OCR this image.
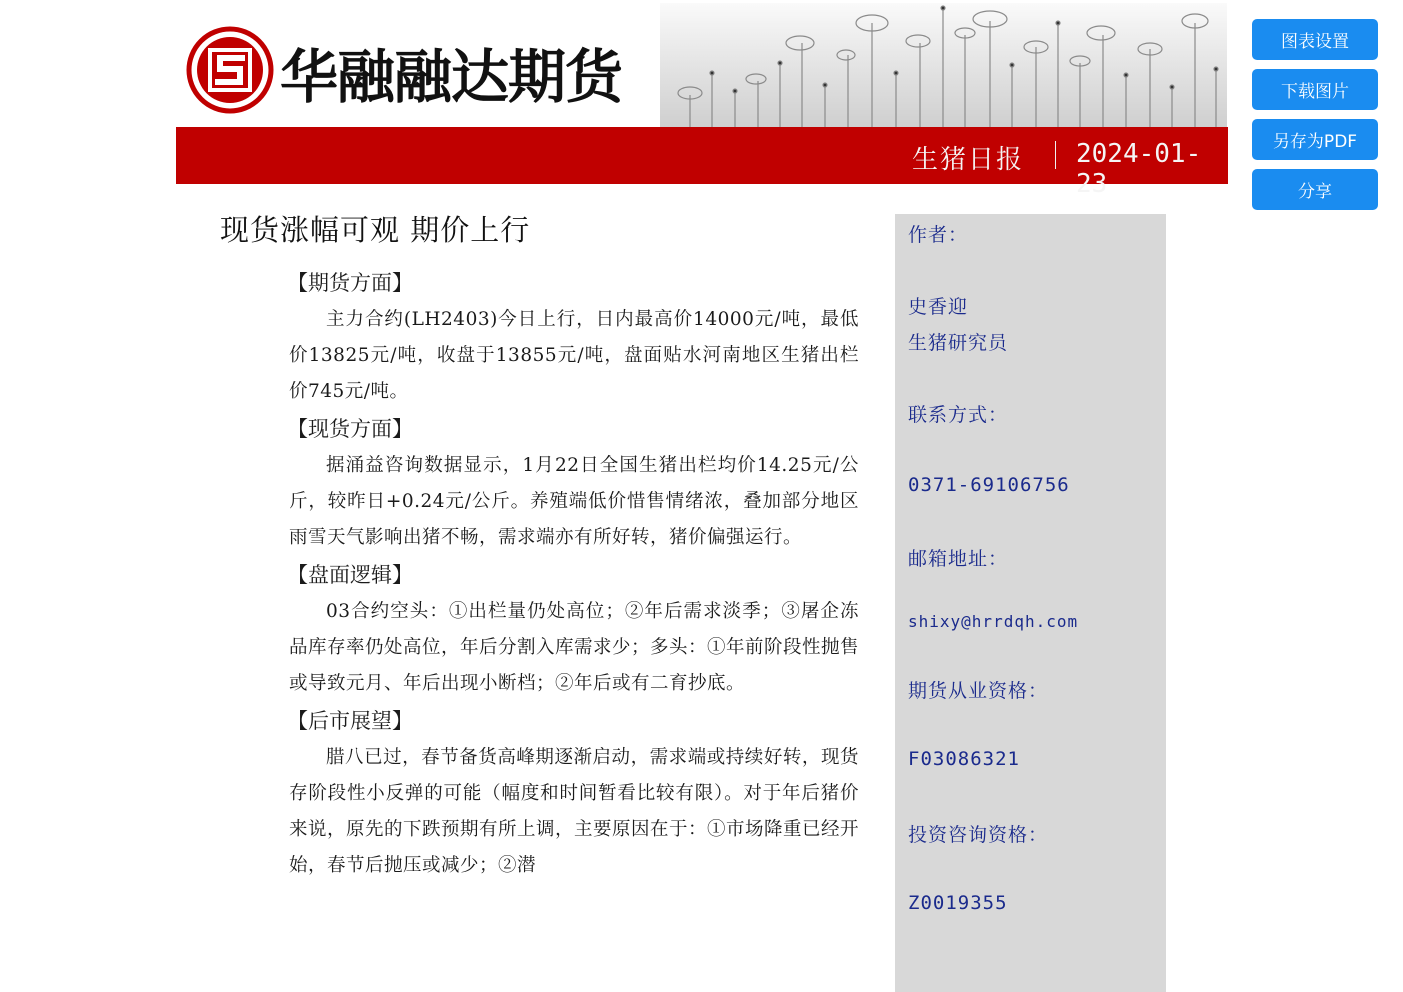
华融融达期货
生猪日报 2024-01-23
图表设置
下载图片
另存为PDF
分享
现货涨幅可观 期价上行
【期货方面】

主力合约(LH2403)今日上行，日内最高价14000元/吨，最低价13825元/吨，收盘于13855元/吨，盘面贴水河南地区生猪出栏价745元/吨。

【现货方面】

据涌益咨询数据显示，1月22日全国生猪出栏均价14.25元/公斤，较昨日+0.24元/公斤。养殖端低价惜售情绪浓，叠加部分地区雨雪天气影响出猪不畅，需求端亦有所好转，猪价偏强运行。

【盘面逻辑】

03合约空头：①出栏量仍处高位；②年后需求淡季；③屠企冻品库存率仍处高位，年后分割入库需求少；多头：①年前阶段性抛售或导致元月、年后出现小断档；②年后或有二育抄底。

【后市展望】

腊八已过，春节备货高峰期逐渐启动，需求端或持续好转，现货存阶段性小反弹的可能（幅度和时间暂看比较有限）。对于年后猪价来说，原先的下跌预期有所上调，主要原因在于：①市场降重已经开始，春节后抛压或减少；②潜

作者：
史香迎
生猪研究员
联系方式：
0371-69106756
邮箱地址：
shixy@hrrdqh.com
期货从业资格：
F03086321
投资咨询资格：
Z0019355
